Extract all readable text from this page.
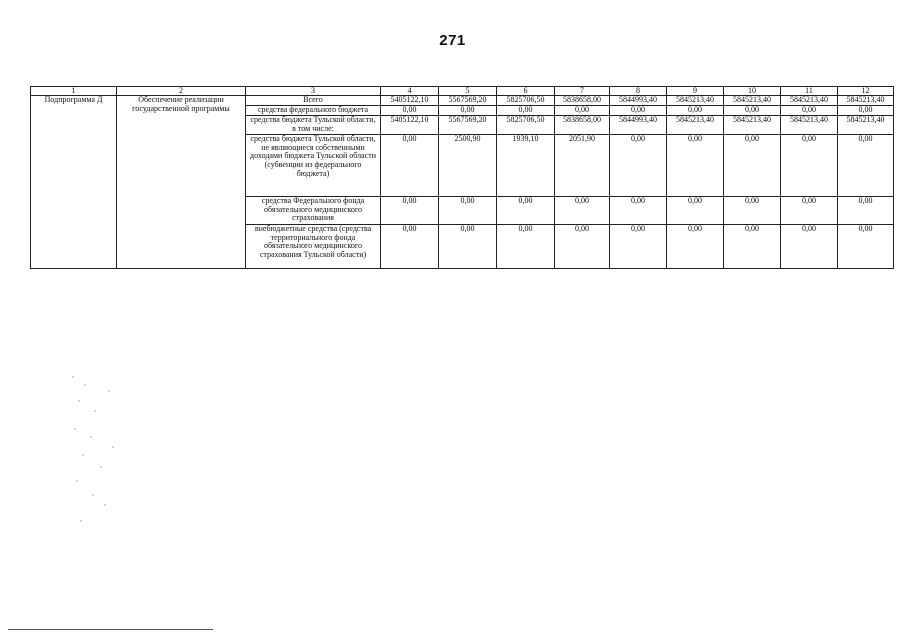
271
1	2	3	4	5	6	7	8	9	10	11	12
Подпрограмма Д	Обеспечение реализации государственной программы	Всего	5405122,10	5567569,20	5825706,50	5838658,00	5844993,40	5845213,40	5845213,40	5845213,40	5845213,40
		средства федерального бюджета	0,00	0,00	0,00	0,00	0,00	0,00	0,00	0,00	0,00
		средства бюджета Тульской области, в том числе:	5405122,10	5567569,20	5825706,50	5838658,00	5844993,40	5845213,40	5845213,40	5845213,40	5845213,40
		средства бюджета Тульской области, не являющиеся собственными доходами бюджета Тульской области (субвенции из федерального бюджета)	0,00	2500,90	1939,10	2051,90	0,00	0,00	0,00	0,00	0,00
		средства Федерального фонда обязательного медицинского страхования	0,00	0,00	0,00	0,00	0,00	0,00	0,00	0,00	0,00
		внебюджетные средства (средства территориального фонда обязательного медицинского страхования Тульской области)	0,00	0,00	0,00	0,00	0,00	0,00	0,00	0,00	0,00
